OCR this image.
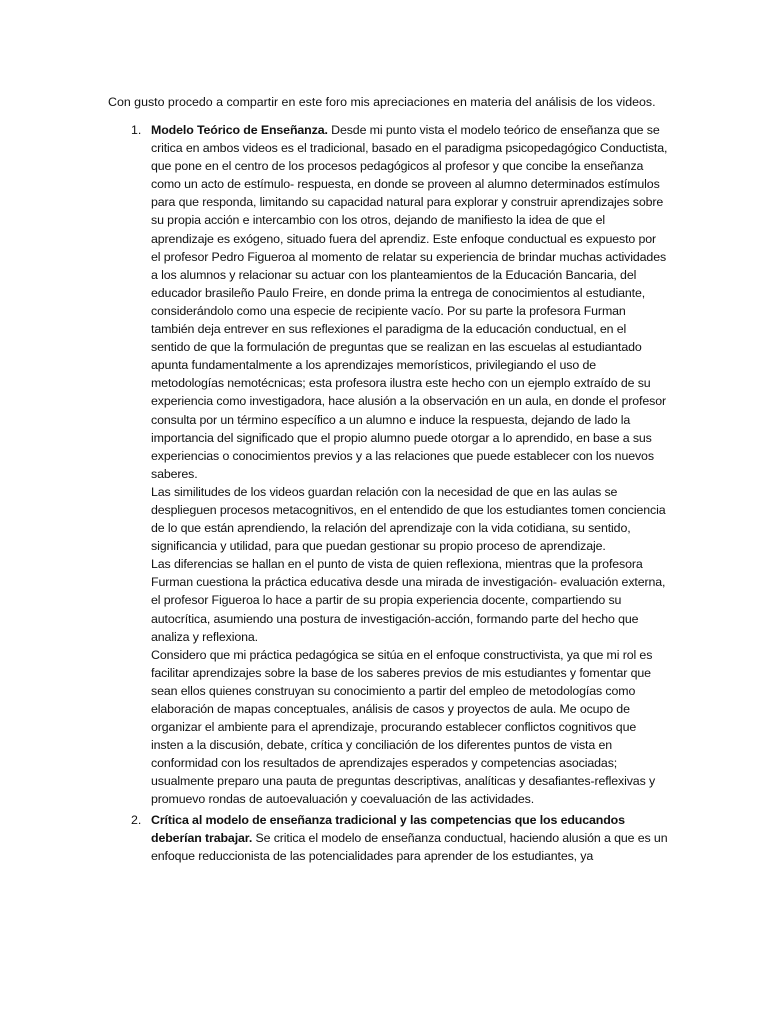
Con gusto procedo a compartir en este foro mis apreciaciones en materia del análisis de los videos.

1. Modelo Teórico de Enseñanza. Desde mi punto vista el modelo teórico de enseñanza que se critica en ambos videos es el tradicional, basado en el paradigma psicopedagógico Conductista, que pone en el centro de los procesos pedagógicos al profesor y que concibe la enseñanza como un acto de estímulo- respuesta, en donde se proveen al alumno determinados estímulos para que responda, limitando su capacidad natural para explorar y construir aprendizajes sobre su propia acción e intercambio con los otros, dejando de manifiesto la idea de que el aprendizaje es exógeno, situado fuera del aprendiz. Este enfoque conductual es expuesto por el profesor Pedro Figueroa al momento de relatar su experiencia de brindar muchas actividades a los alumnos y relacionar su actuar con los planteamientos de la Educación Bancaria, del educador brasileño Paulo Freire, en donde prima la entrega de conocimientos al estudiante, considerándolo como una especie de recipiente vacío. Por su parte la profesora Furman también deja entrever en sus reflexiones el paradigma de la educación conductual, en el sentido de que la formulación de preguntas que se realizan en las escuelas al estudiantado apunta fundamentalmente a los aprendizajes memorísticos, privilegiando el uso de metodologías nemotécnicas; esta profesora ilustra este hecho con un ejemplo extraído de su experiencia como investigadora, hace alusión a la observación en un aula, en donde el profesor consulta por un término específico a un alumno e induce la respuesta, dejando de lado la importancia del significado que el propio alumno puede otorgar a lo aprendido, en base a sus experiencias o conocimientos previos y a las relaciones que puede establecer con los nuevos saberes.

Las similitudes de los videos guardan relación con la necesidad de que en las aulas se desplieguen procesos metacognitivos, en el entendido de que los estudiantes tomen conciencia de lo que están aprendiendo, la relación del aprendizaje con la vida cotidiana, su sentido, significancia y utilidad, para que puedan gestionar su propio proceso de aprendizaje.

Las diferencias se hallan en el punto de vista de quien reflexiona, mientras que la profesora Furman cuestiona la práctica educativa desde una mirada de investigación- evaluación externa, el profesor Figueroa lo hace a partir de su propia experiencia docente, compartiendo su autocrítica, asumiendo una postura de investigación-acción, formando parte del hecho que analiza y reflexiona.

Considero que mi práctica pedagógica se sitúa en el enfoque constructivista, ya que mi rol es facilitar aprendizajes sobre la base de los saberes previos de mis estudiantes y fomentar que sean ellos quienes construyan su conocimiento a partir del empleo de metodologías como elaboración de mapas conceptuales, análisis de casos y proyectos de aula. Me ocupo de organizar el ambiente para el aprendizaje, procurando establecer conflictos cognitivos que insten a la discusión, debate, crítica y conciliación de los diferentes puntos de vista en conformidad con los resultados de aprendizajes esperados y competencias asociadas; usualmente preparo una pauta de preguntas descriptivas, analíticas y desafiantes-reflexivas y promuevo rondas de autoevaluación y coevaluación de las actividades.

2. Crítica al modelo de enseñanza tradicional y las competencias que los educandos deberían trabajar. Se critica el modelo de enseñanza conductual, haciendo alusión a que es un enfoque reduccionista de las potencialidades para aprender de los estudiantes, ya
